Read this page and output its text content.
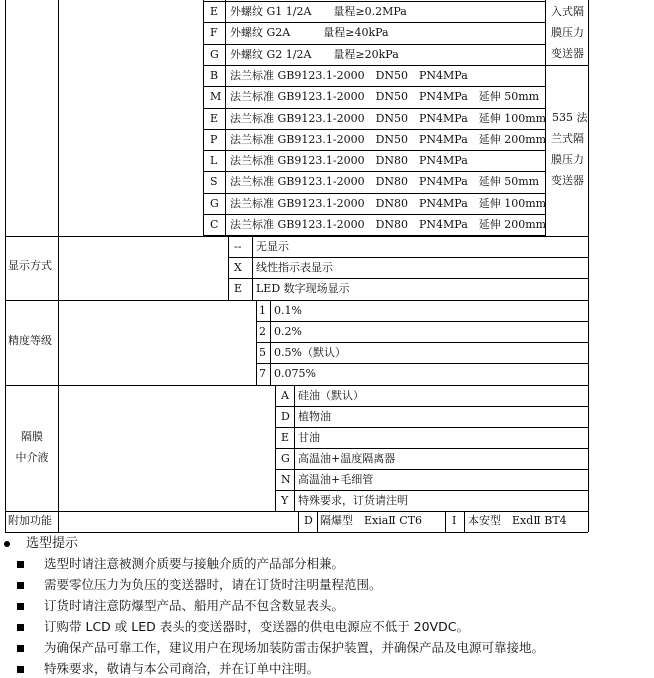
入式隔
膜压力
变送器
535 法
兰式隔
膜压力
变送器
显示方式
精度等级
隔膜
中介液
附加功能	D 隔爆型　ExiaⅡ CT6	I 本安型　ExdⅡ BT4
选型提示
选型时请注意被测介质要与接触介质的产品部分相兼。
需要零位压力为负压的变送器时，请在订货时注明量程范围。
订货时请注意防爆型产品、船用产品不包含数显表头。
订购带 LCD 或 LED 表头的变送器时，变送器的供电电源应不低于 20VDC。
为确保产品可靠工作，建议用户在现场加装防雷击保护装置，并确保产品及电源可靠接地。
特殊要求，敬请与本公司商洽，并在订单中注明。
E 外螺纹 G1 1/2A　　量程≥0.2MPa
F 外螺纹 G2A　　　量程≥40kPa
G 外螺纹 G2 1/2A　　量程≥20kPa
B 法兰标准 GB9123.1-2000　DN50　PN4MPa
M 法兰标准 GB9123.1-2000　DN50　PN4MPa　延伸 50mm
E 法兰标准 GB9123.1-2000　DN50　PN4MPa　延伸 100mm
P 法兰标准 GB9123.1-2000　DN50　PN4MPa　延伸 200mm
L 法兰标准 GB9123.1-2000　DN80　PN4MPa
S 法兰标准 GB9123.1-2000　DN80　PN4MPa　延伸 50mm
G 法兰标准 GB9123.1-2000　DN80　PN4MPa　延伸 100mm
C 法兰标准 GB9123.1-2000　DN80　PN4MPa　延伸 200mm
-- 无显示
X 线性指示表显示
E LED 数字现场显示
1 0.1%
2 0.2%
5 0.5%（默认）
7 0.075%
A 硅油（默认）
D 植物油
E 甘油
G 高温油+温度隔离器
N 高温油+毛细管
Y 特殊要求，订货请注明
